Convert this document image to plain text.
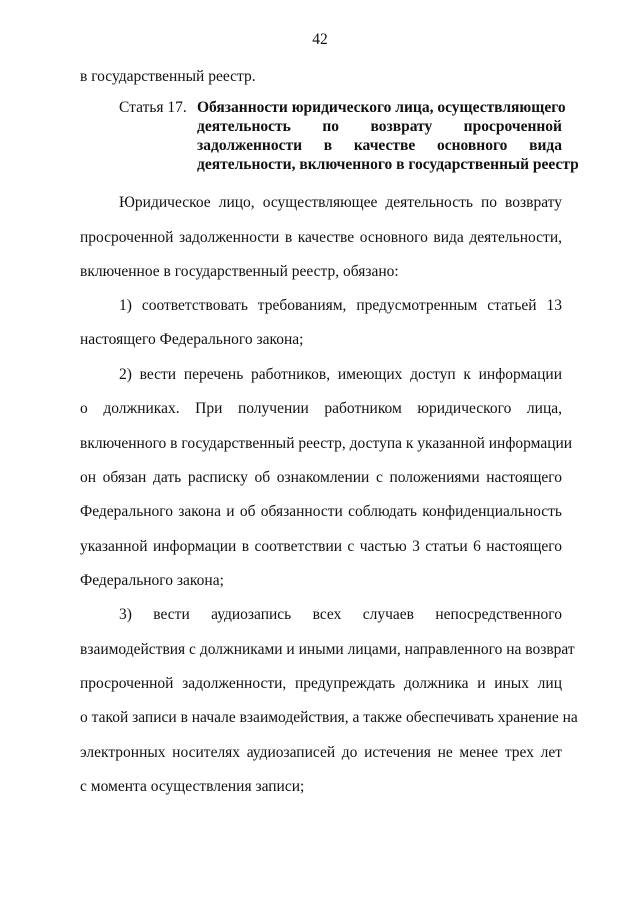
42
в государственный реестр.
Статья 17. Обязанности юридического лица, осуществляющего
деятельность по возврату просроченной
задолженности в качестве основного вида
деятельности, включенного в государственный реестр
Юридическое лицо, осуществляющее деятельность по возврату
просроченной задолженности в качестве основного вида деятельности,
включенное в государственный реестр, обязано:
1) соответствовать требованиям, предусмотренным статьей 13
настоящего Федерального закона;
2) вести перечень работников, имеющих доступ к информации
о должниках. При получении работником юридического лица,
включенного в государственный реестр, доступа к указанной информации
он обязан дать расписку об ознакомлении с положениями настоящего
Федерального закона и об обязанности соблюдать конфиденциальность
указанной информации в соответствии с частью 3 статьи 6 настоящего
Федерального закона;
3) вести аудиозапись всех случаев непосредственного
взаимодействия с должниками и иными лицами, направленного на возврат
просроченной задолженности, предупреждать должника и иных лиц
о такой записи в начале взаимодействия, а также обеспечивать хранение на
электронных носителях аудиозаписей до истечения не менее трех лет
с момента осуществления записи;
